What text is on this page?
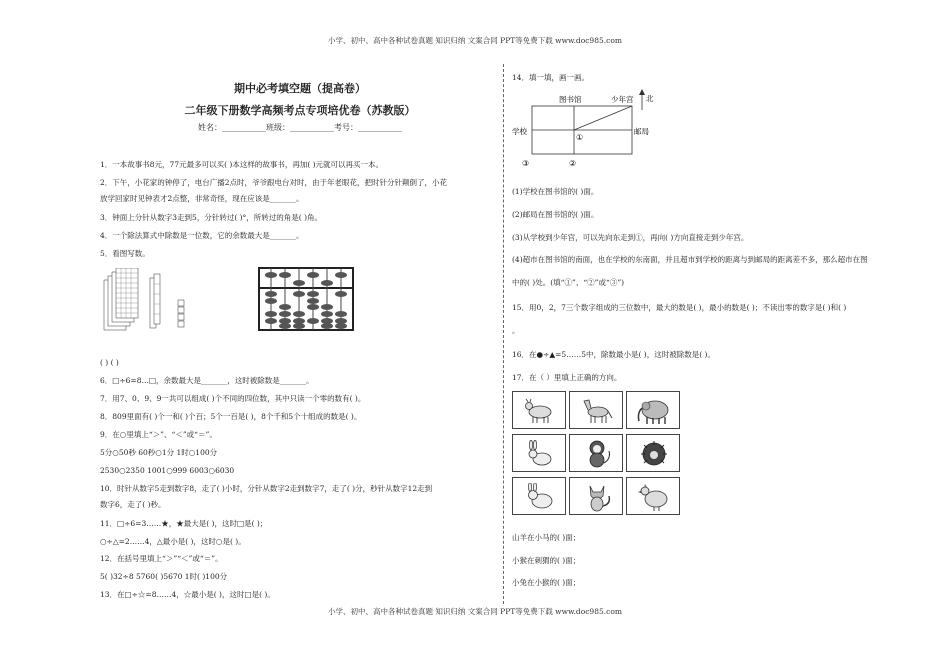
小学、初中、高中各种试卷真题 知识归纳 文案合同 PPT等免费下载 www.doc985.com
期中必考填空题（提高卷）
二年级下册数学高频考点专项培优卷（苏教版）
姓名：___________班级：___________考号：___________
1．一本故事书8元，77元最多可以买( )本这样的故事书，再加( )元就可以再买一本。
2．下午，小花家的钟停了，电台广播2点时，爷爷跟电台对时，由于年老眼花，把时针分针颠倒了，小花
放学回家时见钟表才2点整，非常奇怪，现在应该是_______。
3．钟面上分针从数字3走到5，分针转过( )°，所转过的角是( )角。
4．一个除法算式中除数是一位数，它的余数最大是_______。
5．看图写数。
( ) ( )
6．□÷6=8…□，余数最大是_______，这时被除数是_______。
7．用7、0、9、9一共可以组成( )个不同的四位数，其中只读一个零的数有( )。
8．809里面有( )个一和( )个百；5个一百是( )，8个千和5个十组成的数是( )。
9．在○里填上“＞”、“＜”或“＝”。
5分○50秒 60秒○1分 1时○100分
2530○2350 1001○999 6003○6030
10．时针从数字5走到数字8，走了( )小时，分针从数字2走到数字7，走了( )分，秒针从数字12走到
数字6，走了( )秒。
11．□÷6=3……★，★最大是( )，这时□是( )；
○÷△=2……4，△最小是( )，这时○是( )。
12．在括号里填上“＞”“＜”或“＝”。
5( )32÷8 5760( )5670 1时( )100分
13．在□÷☆=8……4，☆最小是( )，这时□是( )。
14．填一填，画一画。
图书馆	少年宫 北
学校	邮局
①
②
③
(1)学校在图书馆的( )面。
(2)邮局在图书馆的( )面。
(3)从学校到少年宫，可以先向东走到①，再向( )方向直接走到少年宫。
(4)超市在图书馆的南面，也在学校的东南面，并且超市到学校的距离与到邮局的距离差不多，那么超市在图
中的( )处。(填“①”、“②”或“③”)
15．用0，2，7三个数字组成的三位数中，最大的数是( )，最小的数是( )；不读出零的数字是( )和( )
。
16．在●÷▲=5……5中，除数最小是( )，这时被除数是( )。
17．在（ ）里填上正确的方向。
山羊在小马的( )面；
小猴在刺猬的( )面；
小兔在小猴的( )面；
小学、初中、高中各种试卷真题 知识归纳 文案合同 PPT等免费下载 www.doc985.com
